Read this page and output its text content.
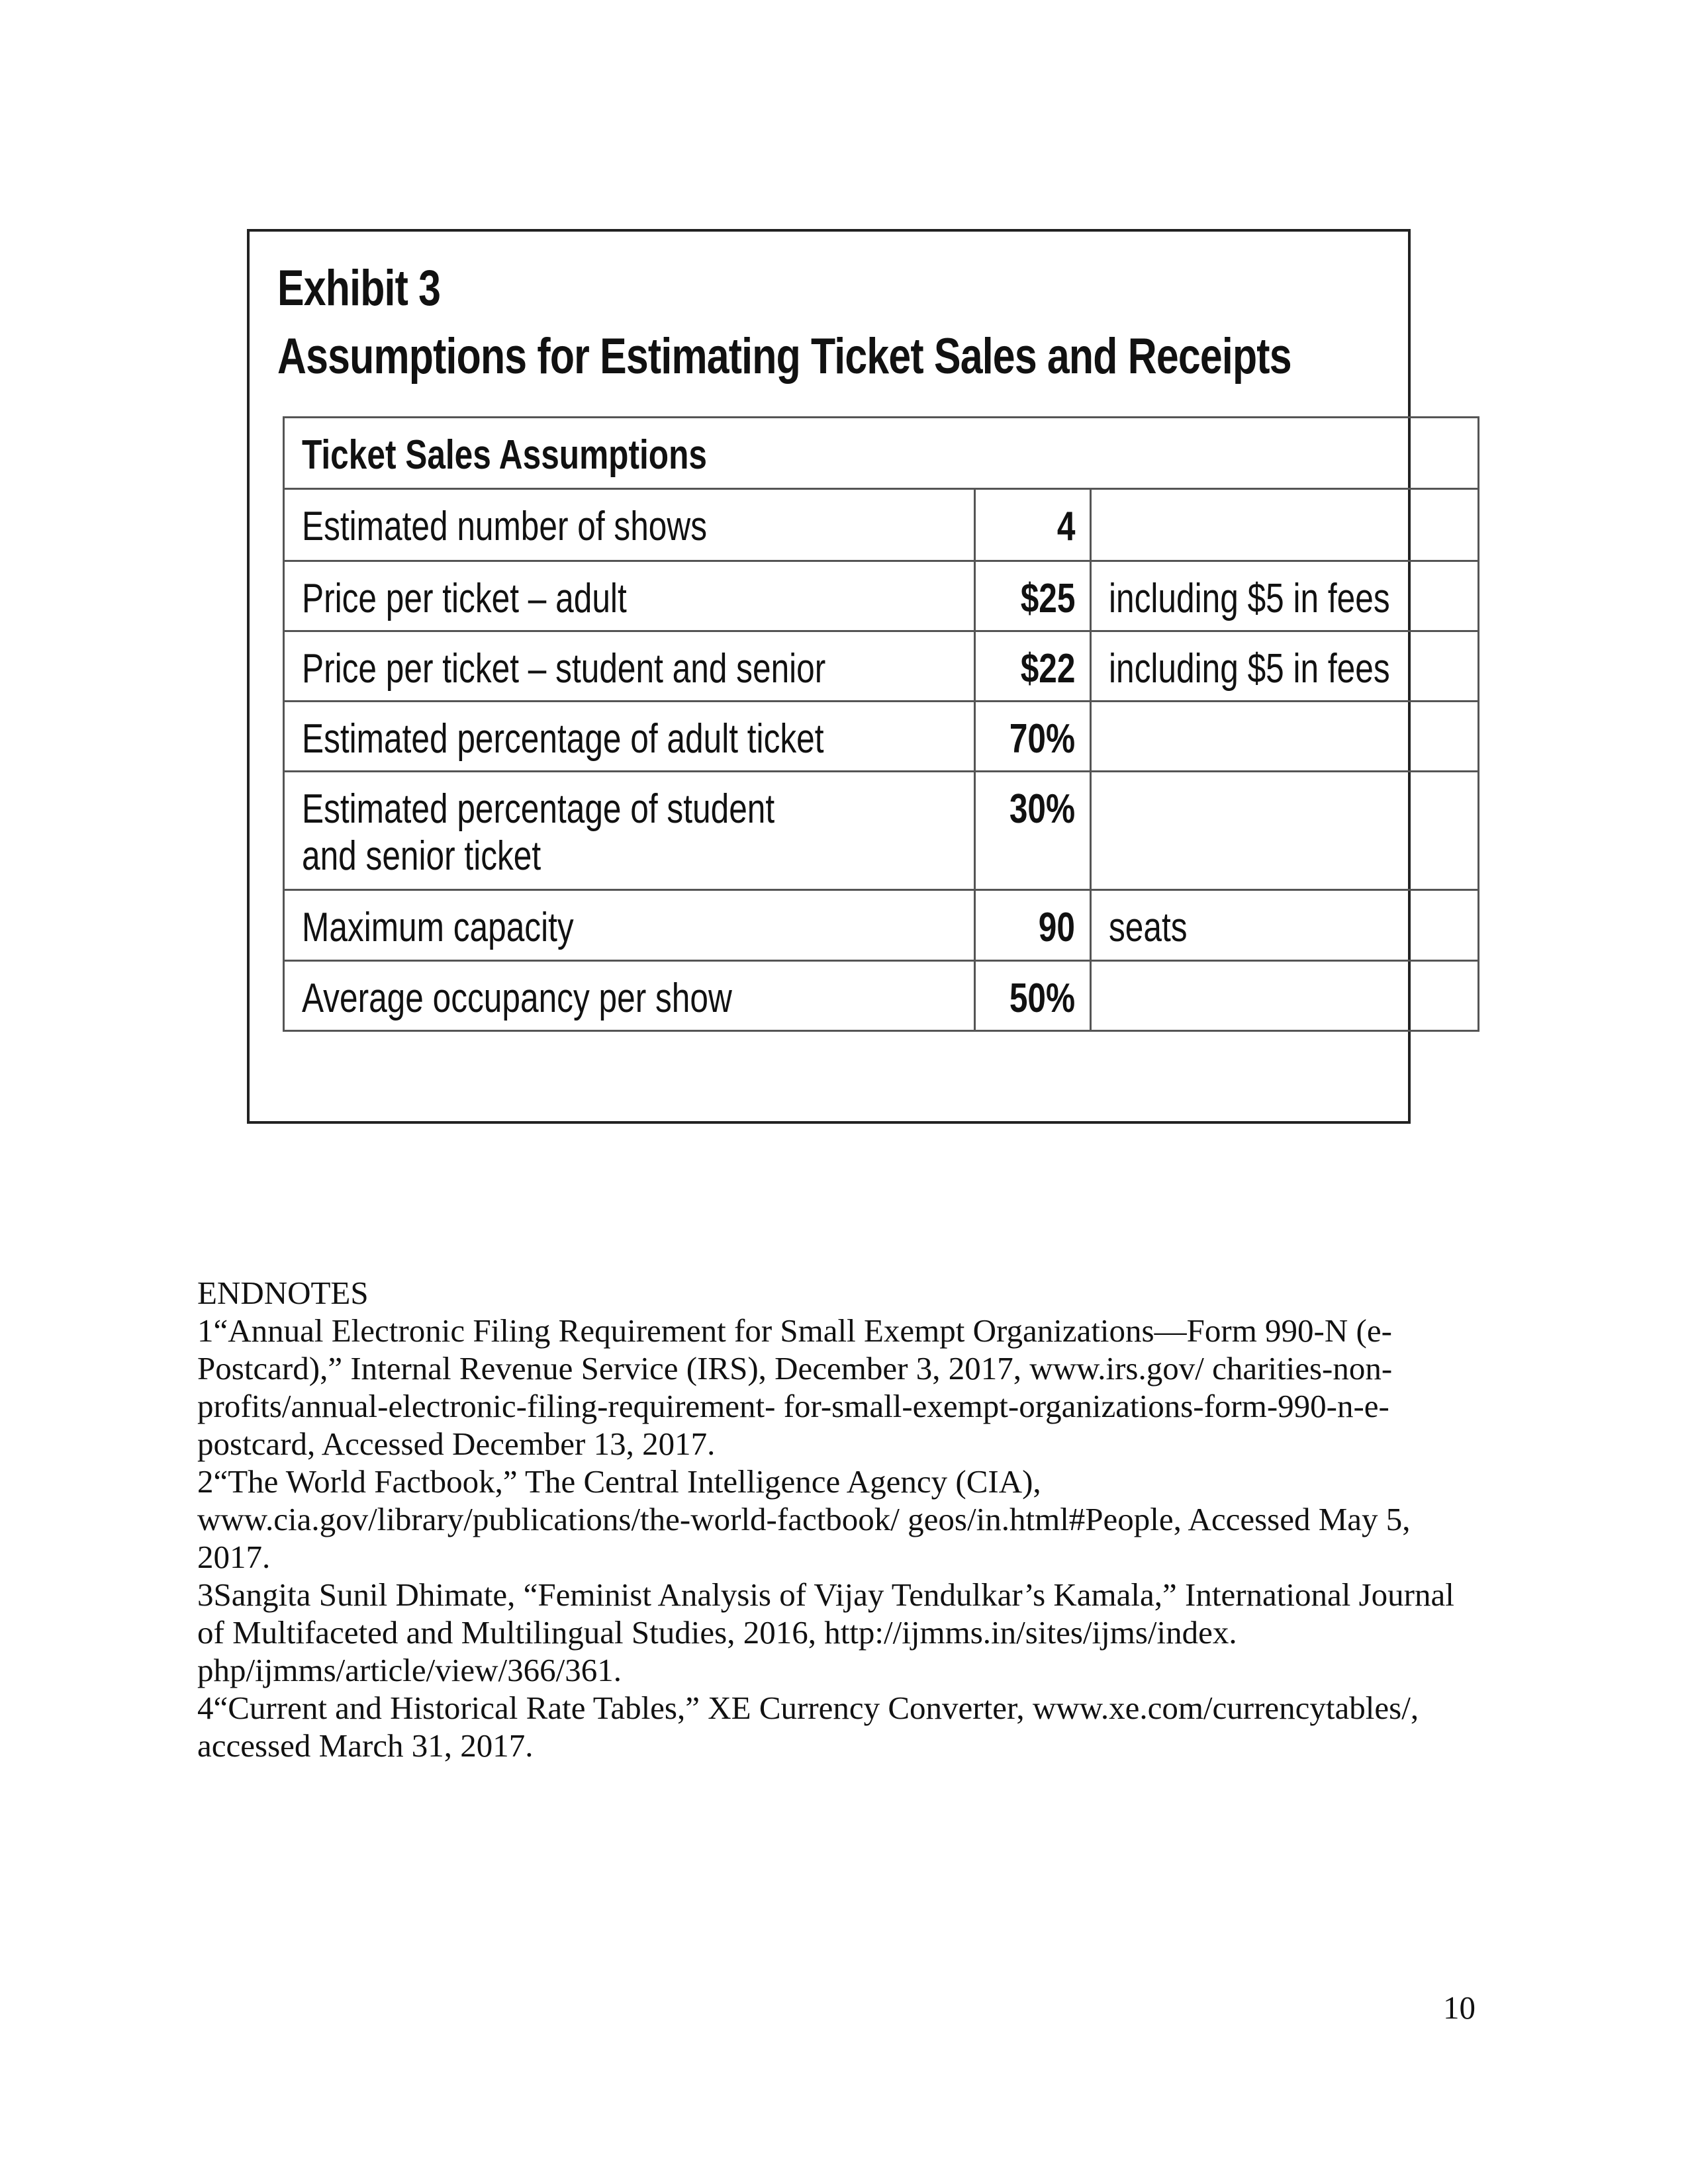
Exhibit 3
Assumptions for Estimating Ticket Sales and Receipts
Ticket Sales Assumptions		
Estimated number of shows	4	
Price per ticket – adult	$25	including $5 in fees
Price per ticket – student and senior	$22	including $5 in fees
Estimated percentage of adult ticket	70%	
Estimated percentage of student
and senior ticket	30%	
Maximum capacity	90	seats
Average occupancy per show	50%	
ENDNOTES
1“Annual Electronic Filing Requirement for Small Exempt Organizations—Form 990-N (e-
Postcard),” Internal Revenue Service (IRS), December 3, 2017, www.irs.gov/ charities-non-
profits/annual-electronic-filing-requirement- for-small-exempt-organizations-form-990-n-e-
postcard, Accessed December 13, 2017.
2“The World Factbook,” The Central Intelligence Agency (CIA),
www.cia.gov/library/publications/the-world-factbook/ geos/in.html#People, Accessed May 5,
2017.
3Sangita Sunil Dhimate, “Feminist Analysis of Vijay Tendulkar’s Kamala,” International Journal
of Multifaceted and Multilingual Studies, 2016, http://ijmms.in/sites/ijms/index.
php/ijmms/article/view/366/361.
4“Current and Historical Rate Tables,” XE Currency Converter, www.xe.com/currencytables/,
accessed March 31, 2017.
10
